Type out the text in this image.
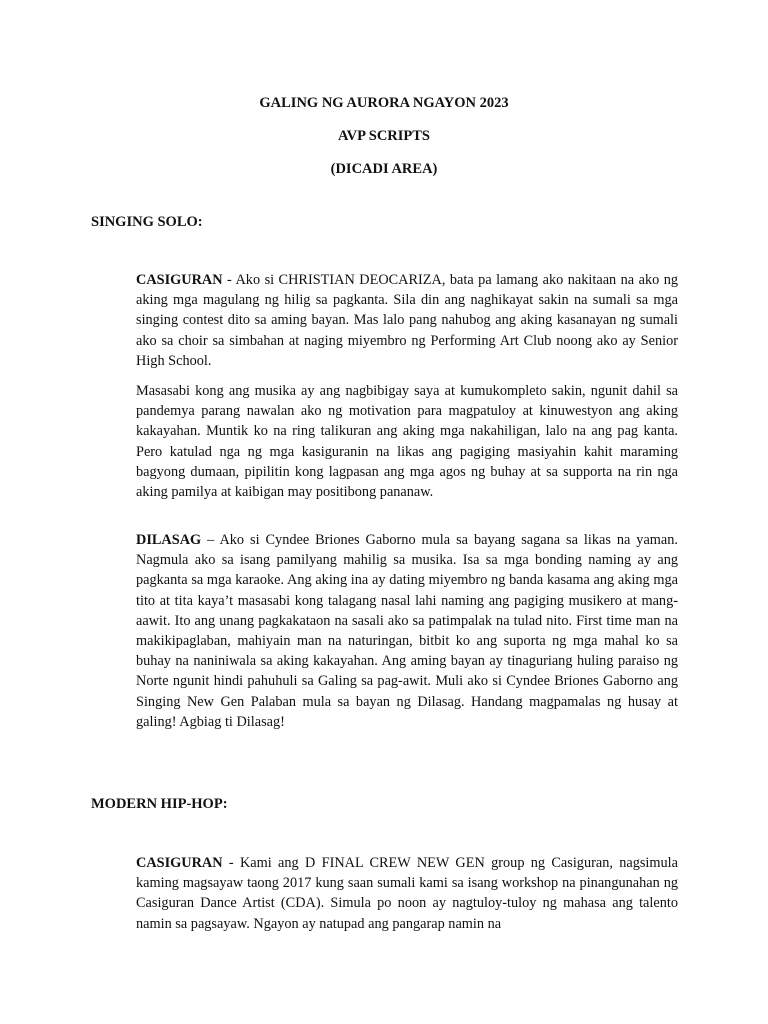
GALING NG AURORA NGAYON 2023
AVP SCRIPTS
(DICADI AREA)
SINGING SOLO:

CASIGURAN - Ako si CHRISTIAN DEOCARIZA, bata pa lamang ako nakitaan na ako ng aking mga magulang ng hilig sa pagkanta. Sila din ang naghikayat sakin na sumali sa mga singing contest dito sa aming bayan. Mas lalo pang nahubog ang aking kasanayan ng sumali ako sa choir sa simbahan at naging miyembro ng Performing Art Club noong ako ay Senior High School.

Masasabi kong ang musika ay ang nagbibigay saya at kumukompleto sakin, ngunit dahil sa pandemya parang nawalan ako ng motivation para magpatuloy at kinuwestyon ang aking kakayahan. Muntik ko na ring talikuran ang aking mga nakahiligan, lalo na ang pag kanta. Pero katulad nga ng mga kasiguranin na likas ang pagiging masiyahin kahit maraming bagyong dumaan, pipilitin kong lagpasan ang mga agos ng buhay at sa supporta na rin nga aking pamilya at kaibigan may positibong pananaw.

DILASAG – Ako si Cyndee Briones Gaborno mula sa bayang sagana sa likas na yaman. Nagmula ako sa isang pamilyang mahilig sa musika. Isa sa mga bonding naming ay ang pagkanta sa mga karaoke. Ang aking ina ay dating miyembro ng banda kasama ang aking mga tito at tita kaya’t masasabi kong talagang nasal lahi naming ang pagiging musikero at mang-aawit. Ito ang unang pagkakataon na sasali ako sa patimpalak na tulad nito. First time man na makikipaglaban, mahiyain man na naturingan, bitbit ko ang suporta ng mga mahal ko sa buhay na naniniwala sa aking kakayahan. Ang aming bayan ay tinaguriang huling paraiso ng Norte ngunit hindi pahuhuli sa Galing sa pag-awit. Muli ako si Cyndee Briones Gaborno ang Singing New Gen Palaban mula sa bayan ng Dilasag. Handang magpamalas ng husay at galing! Agbiag ti Dilasag!

MODERN HIP-HOP:

CASIGURAN - Kami ang D FINAL CREW NEW GEN group ng Casiguran, nagsimula kaming magsayaw taong 2017 kung saan sumali kami sa isang workshop na pinangunahan ng Casiguran Dance Artist (CDA). Simula po noon ay nagtuloy-tuloy ng mahasa ang talento namin sa pagsayaw. Ngayon ay natupad ang pangarap namin na
